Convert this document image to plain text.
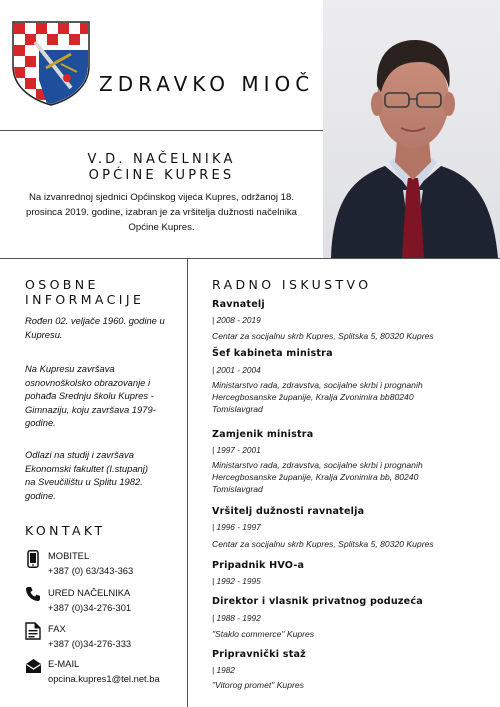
ZDRAVKO MIOČ
V.D. NAČELNIKA
OPĆINE KUPRES
Na izvanrednoj sjednici Općinskog vijeća Kupres, održanoj 18. prosinca 2019. godine, izabran je za vršitelja dužnosti načelnika Općine Kupres.
OSOBNE
INFORMACIJE
Rođen 02. veljače 1960. godine u Kupresu.
Na Kupresu završava osnovnoškolsko obrazovanje i pohađa Srednju školu Kupres - Gimnaziju, koju završava 1979- godine.
Odlazi na studij i završava Ekonomski fakultet (I.stupanj) na Sveučilištu u Splitu 1982. godine.
KONTAKT
MOBITEL
+387 (0) 63/343-363
URED NAČELNIKA
+387 (0)34-276-301
FAX
+387 (0)34-276-333
E-MAIL
opcina.kupres1@tel.net.ba
RADNO ISKUSTVO
Ravnatelj
| 2008 - 2019
Centar za socijalnu skrb Kupres, Splitska 5, 80320 Kupres
Šef kabineta ministra
| 2001 - 2004
Ministarstvo rada, zdravstva, socijalne skrbi i prognanih
Hercegbosanske županije, Kralja Zvonimira bb80240
Tomislavgrad
Zamjenik ministra
| 1997 - 2001
Ministarstvo rada, zdravstva, socijalne skrbi i prognanih
Hercegbosanske županije, Kralja Zvonimira bb, 80240
Tomislavgrad
Vršitelj dužnosti ravnatelja
| 1996 - 1997
Centar za socijalnu skrb Kupres, Splitska 5, 80320 Kupres
Pripadnik HVO-a
| 1992 - 1995
Direktor i vlasnik privatnog poduzeća
| 1988 - 1992
"Staklo commerce" Kupres
Pripravnički staž
| 1982
"Vitorog promet" Kupres
